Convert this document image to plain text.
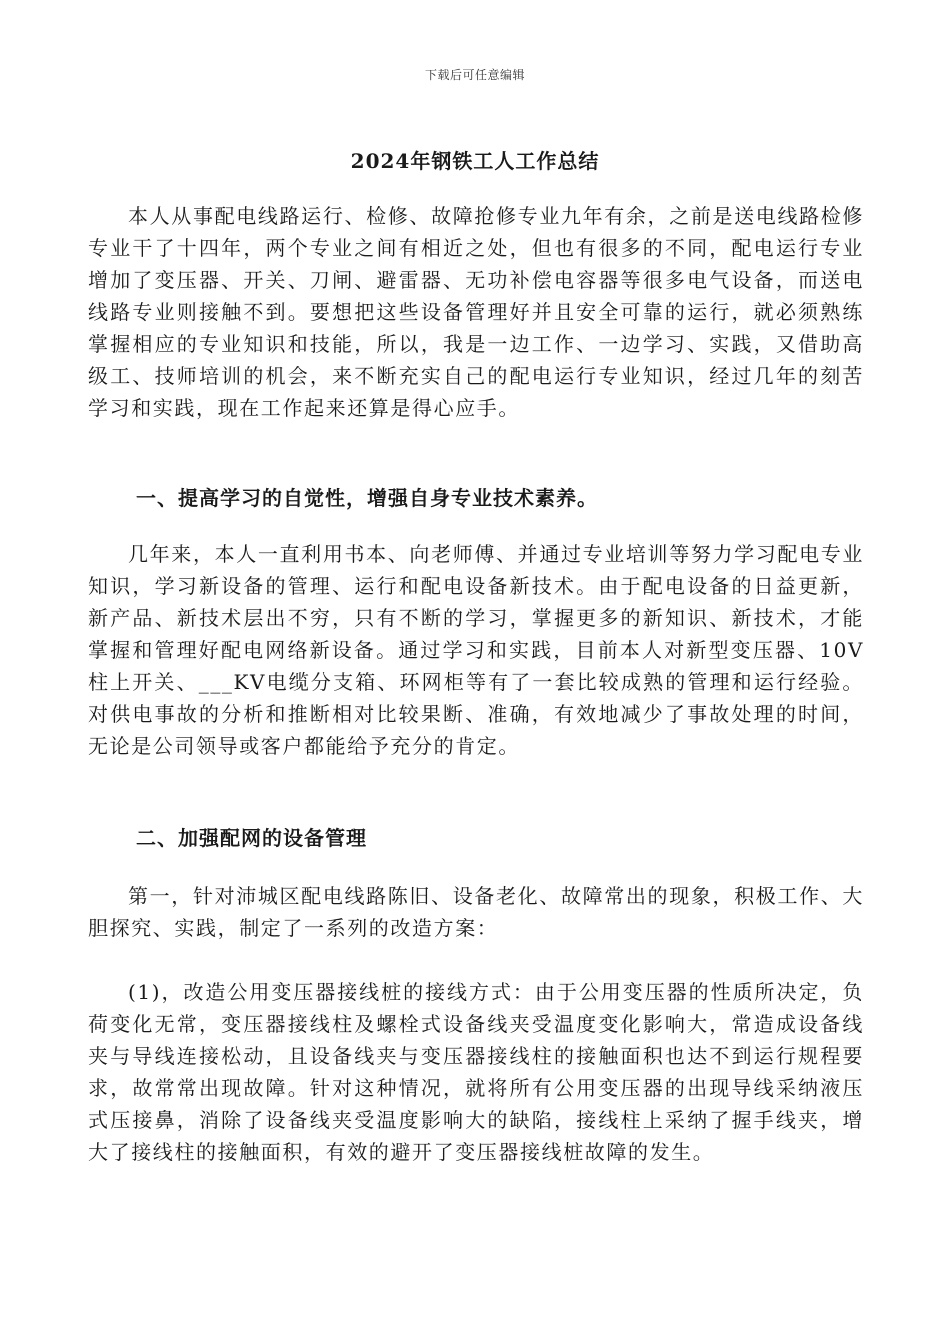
下载后可任意编辑
2024年钢铁工人工作总结

本人从事配电线路运行、检修、故障抢修专业九年有余，之前是送电线路检修专业干了十四年，两个专业之间有相近之处，但也有很多的不同，配电运行专业增加了变压器、开关、刀闸、避雷器、无功补偿电容器等很多电气设备，而送电线路专业则接触不到。要想把这些设备管理好并且安全可靠的运行，就必须熟练掌握相应的专业知识和技能，所以，我是一边工作、一边学习、实践，又借助高级工、技师培训的机会，来不断充实自己的配电运行专业知识，经过几年的刻苦学习和实践，现在工作起来还算是得心应手。

一、提高学习的自觉性，增强自身专业技术素养。

几年来，本人一直利用书本、向老师傅、并通过专业培训等努力学习配电专业知识，学习新设备的管理、运行和配电设备新技术。由于配电设备的日益更新，新产品、新技术层出不穷，只有不断的学习，掌握更多的新知识、新技术，才能掌握和管理好配电网络新设备。通过学习和实践，目前本人对新型变压器、10V柱上开关、___KV电缆分支箱、环网柜等有了一套比较成熟的管理和运行经验。对供电事故的分析和推断相对比较果断、准确，有效地减少了事故处理的时间，无论是公司领导或客户都能给予充分的肯定。

二、加强配网的设备管理

第一，针对沛城区配电线路陈旧、设备老化、故障常出的现象，积极工作、大胆探究、实践，制定了一系列的改造方案：

(1)，改造公用变压器接线桩的接线方式：由于公用变压器的性质所决定，负荷变化无常，变压器接线柱及螺栓式设备线夹受温度变化影响大，常造成设备线夹与导线连接松动，且设备线夹与变压器接线柱的接触面积也达不到运行规程要求，故常常出现故障。针对这种情况，就将所有公用变压器的出现导线采纳液压式压接鼻，消除了设备线夹受温度影响大的缺陷，接线柱上采纳了握手线夹，增大了接线柱的接触面积，有效的避开了变压器接线桩故障的发生。
